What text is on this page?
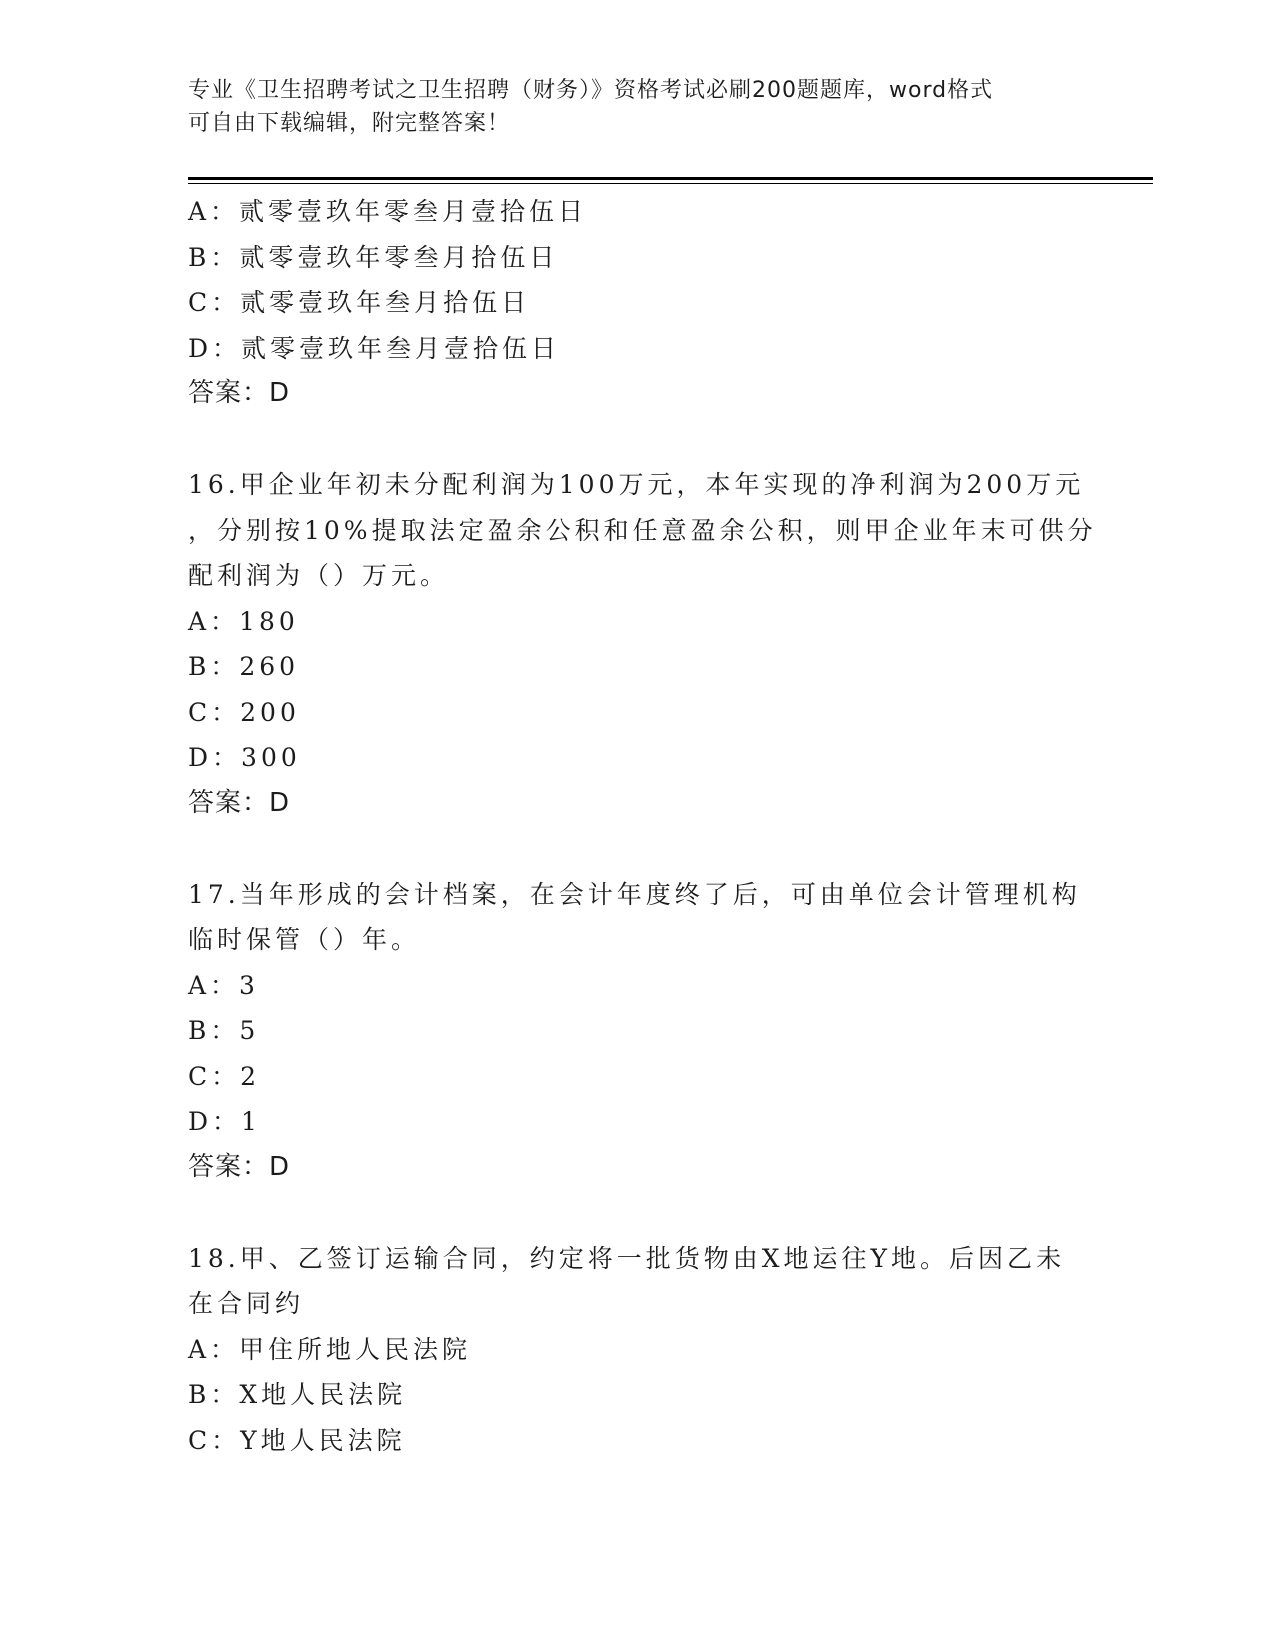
专业《卫生招聘考试之卫生招聘（财务）》资格考试必刷200题题库，word格式
可自由下载编辑，附完整答案！
A：贰零壹玖年零叁月壹拾伍日
B：贰零壹玖年零叁月拾伍日
C：贰零壹玖年叁月拾伍日
D：贰零壹玖年叁月壹拾伍日
答案：D
16.甲企业年初未分配利润为100万元，本年实现的净利润为200万元
，分别按10%提取法定盈余公积和任意盈余公积，则甲企业年末可供分
配利润为（）万元。
A：180
B：260
C：200
D：300
答案：D
17.当年形成的会计档案，在会计年度终了后，可由单位会计管理机构
临时保管（）年。
A：3
B：5
C：2
D：1
答案：D
18.甲、乙签订运输合同，约定将一批货物由X地运往Y地。后因乙未
在合同约
A：甲住所地人民法院
B：X地人民法院
C：Y地人民法院
